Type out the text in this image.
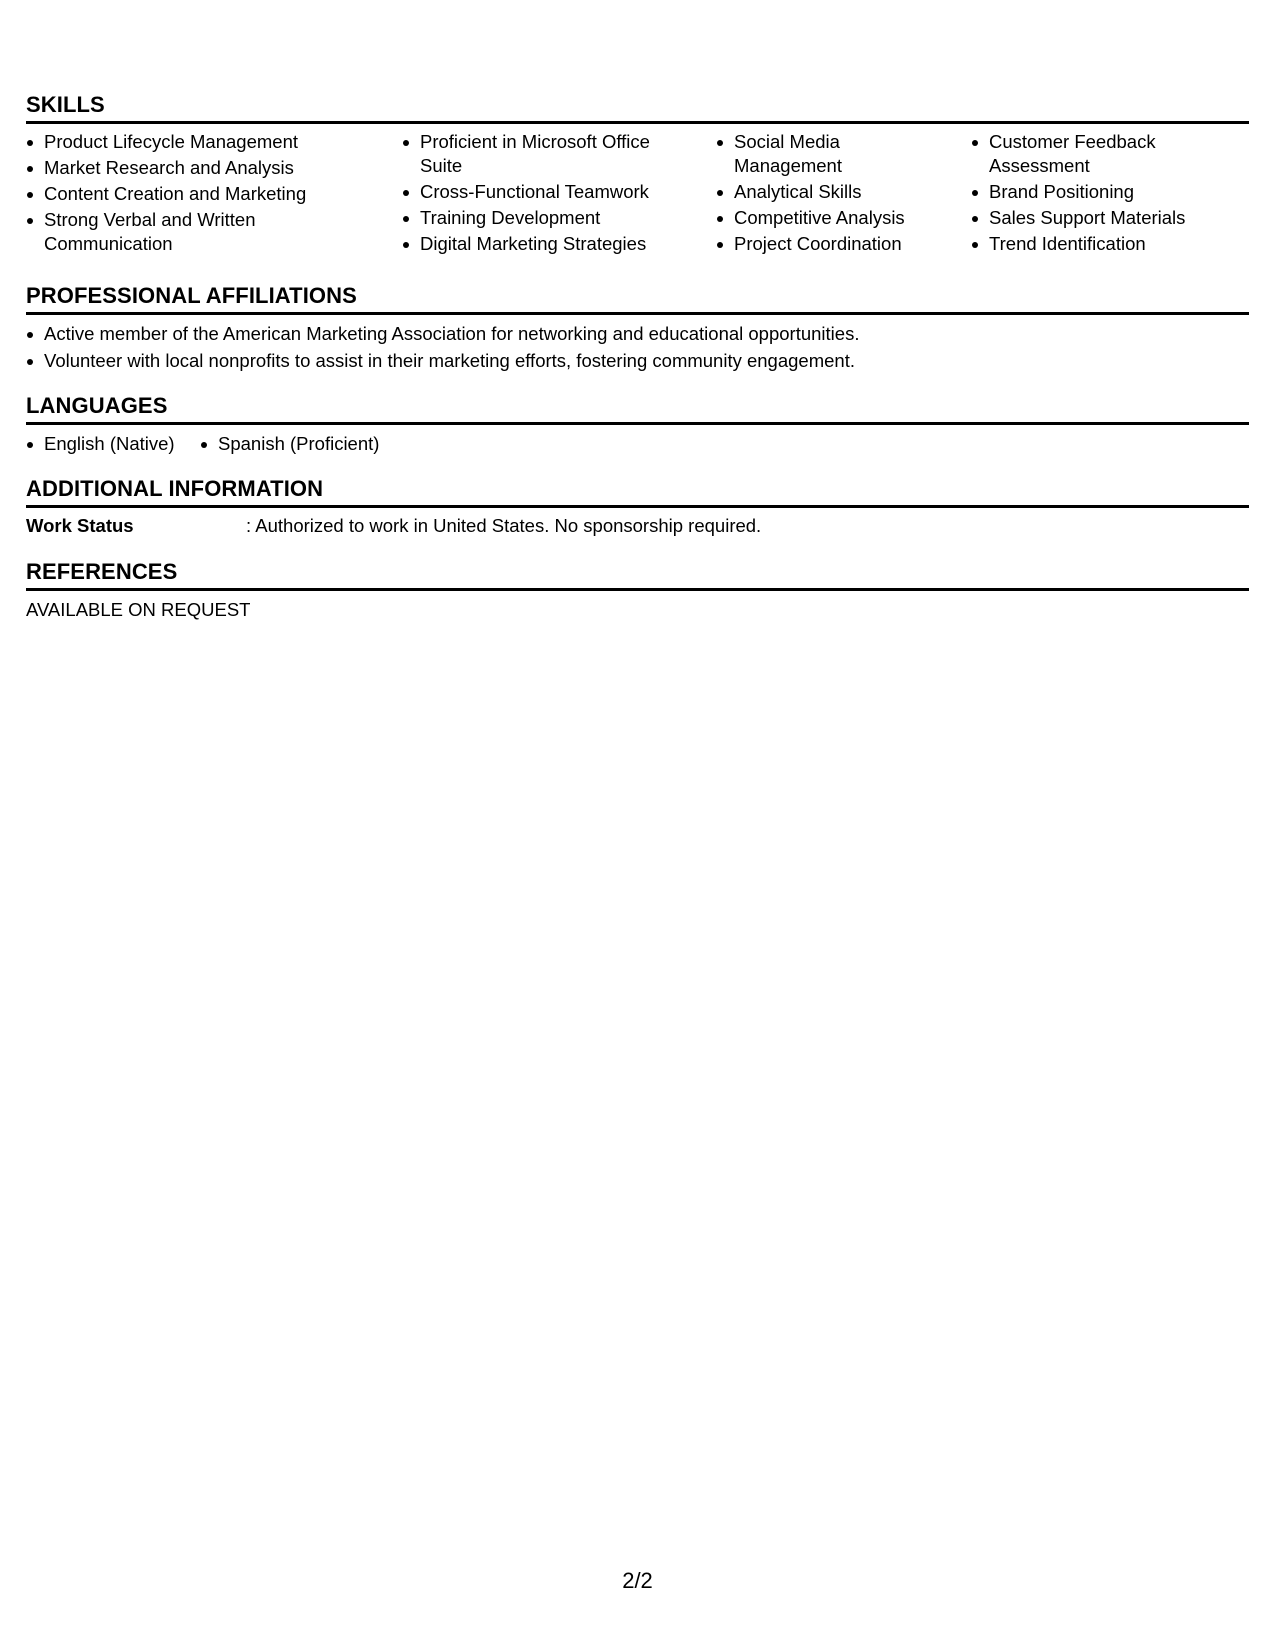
SKILLS
Product Lifecycle Management
Market Research and Analysis
Content Creation and Marketing
Strong Verbal and Written Communication
Proficient in Microsoft Office Suite
Cross-Functional Teamwork
Training Development
Digital Marketing Strategies
Social Media Management
Analytical Skills
Competitive Analysis
Project Coordination
Customer Feedback Assessment
Brand Positioning
Sales Support Materials
Trend Identification
PROFESSIONAL AFFILIATIONS
Active member of the American Marketing Association for networking and educational opportunities.
Volunteer with local nonprofits to assist in their marketing efforts, fostering community engagement.
LANGUAGES
English (Native)	Spanish (Proficient)
ADDITIONAL INFORMATION
Work Status	: Authorized to work in United States. No sponsorship required.
REFERENCES
AVAILABLE ON REQUEST
2/2
